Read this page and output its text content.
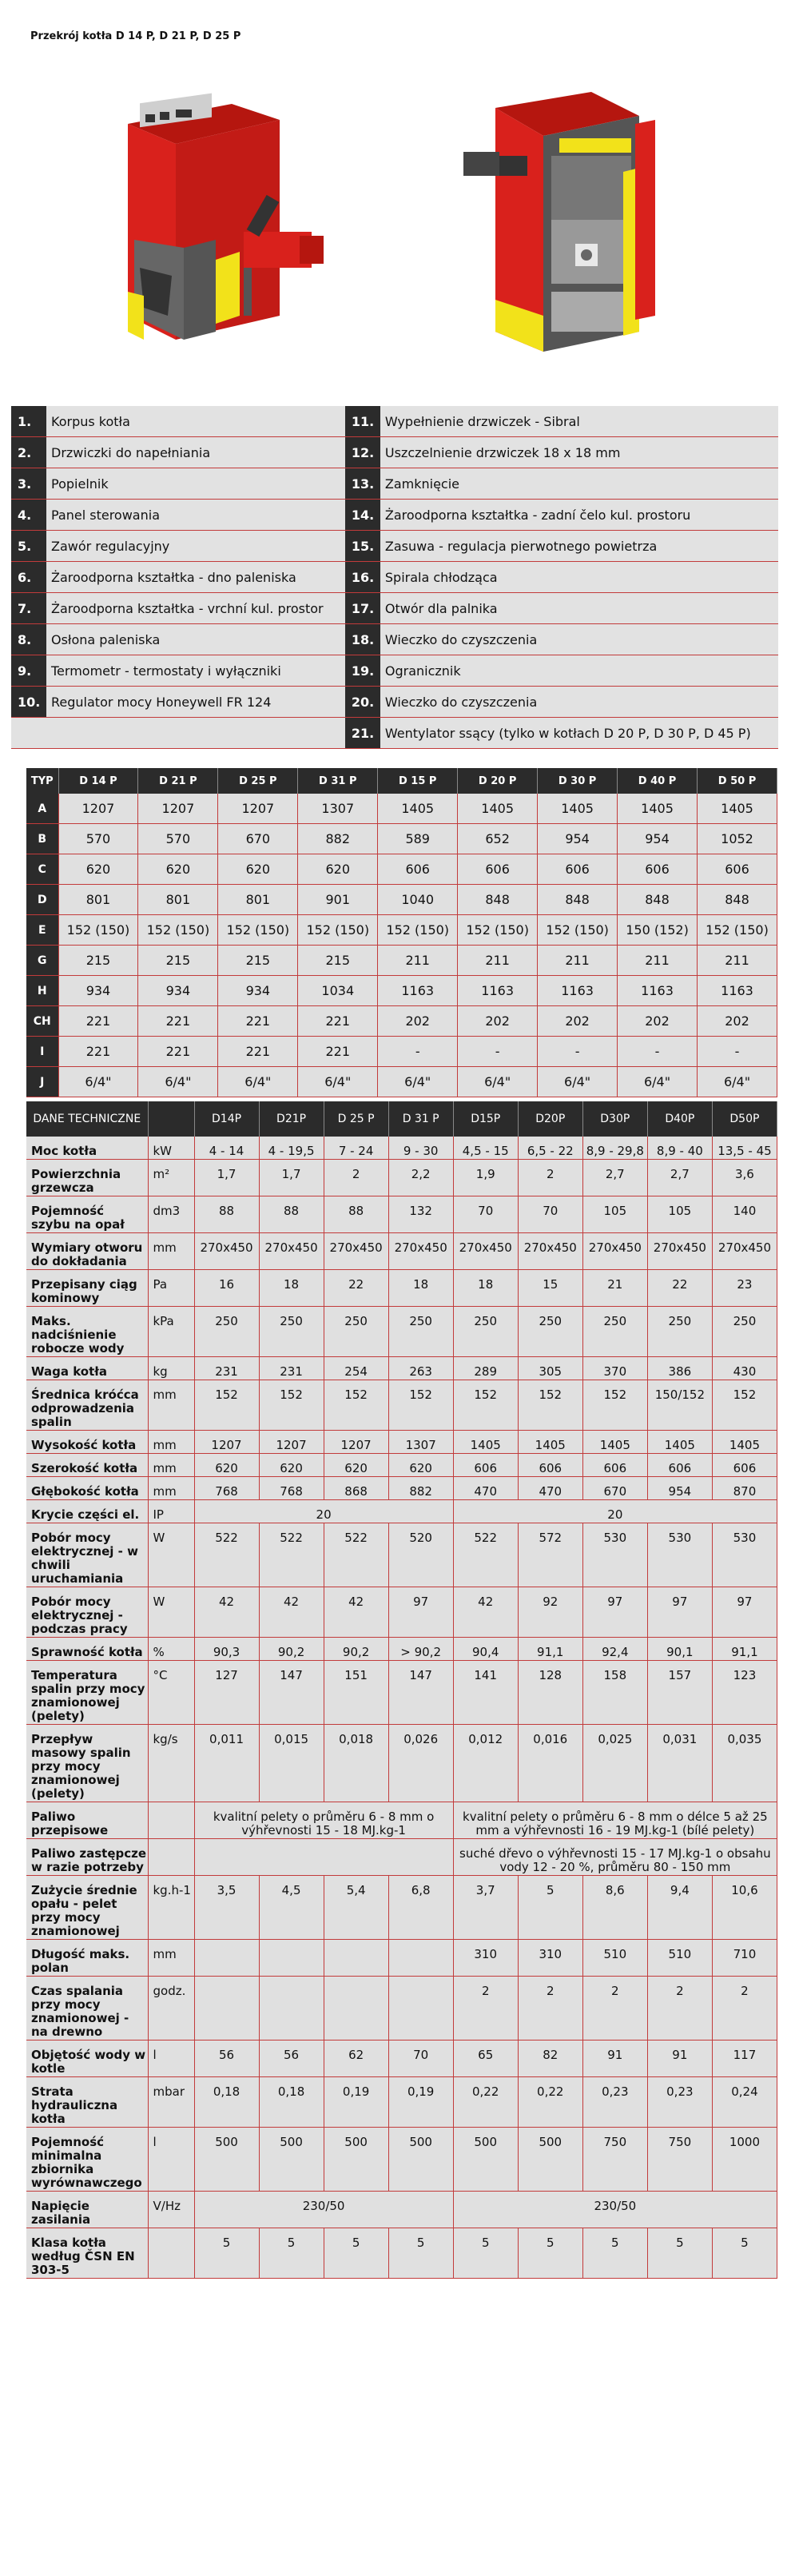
Przekrój kotła D 14 P, D 21 P, D 25 P
1.	Korpus kotła	11.	Wypełnienie drzwiczek - Sibral
2.	Drzwiczki do napełniania	12.	Uszczelnienie drzwiczek 18 x 18 mm
3.	Popielnik	13.	Zamknięcie
4.	Panel sterowania	14.	Żaroodporna kształtka - zadní čelo kul. prostoru
5.	Zawór regulacyjny	15.	Zasuwa - regulacja pierwotnego powietrza
6.	Żaroodporna kształtka - dno paleniska	16.	Spirala chłodząca
7.	Żaroodporna kształtka - vrchní kul. prostor	17.	Otwór dla palnika
8.	Osłona paleniska	18.	Wieczko do czyszczenia
9.	Termometr - termostaty i wyłączniki	19.	Ogranicznik
10.	Regulator mocy Honeywell FR 124	20.	Wieczko do czyszczenia
		21.	Wentylator ssący (tylko w kotłach D 20 P, D 30 P, D 45 P)
TYP	D 14 P	D 21 P	D 25 P	D 31 P	D 15 P	D 20 P	D 30 P	D 40 P	D 50 P
A	1207	1207	1207	1307	1405	1405	1405	1405	1405
B	570	570	670	882	589	652	954	954	1052
C	620	620	620	620	606	606	606	606	606
D	801	801	801	901	1040	848	848	848	848
E	152 (150)	152 (150)	152 (150)	152 (150)	152 (150)	152 (150)	152 (150)	150 (152)	152 (150)
G	215	215	215	215	211	211	211	211	211
H	934	934	934	1034	1163	1163	1163	1163	1163
CH	221	221	221	221	202	202	202	202	202
I	221	221	221	221	-	-	-	-	-
J	6/4"	6/4"	6/4"	6/4"	6/4"	6/4"	6/4"	6/4"	6/4"
DANE TECHNICZNE		D14P	D21P	D 25 P	D 31 P	D15P	D20P	D30P	D40P	D50P
Moc kotła	kW	4 - 14	4 - 19,5	7 - 24	9 - 30	4,5 - 15	6,5 - 22	8,9 - 29,8	8,9 - 40	13,5 - 45
Powierzchnia grzewcza	m²	1,7	1,7	2	2,2	1,9	2	2,7	2,7	3,6
Pojemność szybu na opał	dm3	88	88	88	132	70	70	105	105	140
Wymiary otworu do dokładania	mm	270x450	270x450	270x450	270x450	270x450	270x450	270x450	270x450	270x450
Przepisany ciąg kominowy	Pa	16	18	22	18	18	15	21	22	23
Maks. nadciśnienie robocze wody	kPa	250	250	250	250	250	250	250	250	250
Waga kotła	kg	231	231	254	263	289	305	370	386	430
Średnica króćca odprowadzenia spalin	mm	152	152	152	152	152	152	152	150/152	152
Wysokość kotła	mm	1207	1207	1207	1307	1405	1405	1405	1405	1405
Szerokość kotła	mm	620	620	620	620	606	606	606	606	606
Głębokość kotła	mm	768	768	868	882	470	470	670	954	870
Krycie części el.	IP	20				20				
Pobór mocy elektrycznej - w chwili uruchamiania	W	522	522	522	520	522	572	530	530	530
Pobór mocy elektrycznej - podczas pracy	W	42	42	42	97	42	92	97	97	97
Sprawność kotła	%	90,3	90,2	90,2	> 90,2	90,4	91,1	92,4	90,1	91,1
Temperatura spalin przy mocy znamionowej (pelety)	°C	127	147	151	147	141	128	158	157	123
Przepływ masowy spalin przy mocy znamionowej (pelety)	kg/s	0,011	0,015	0,018	0,026	0,012	0,016	0,025	0,031	0,035
Paliwo przepisowe		kvalitní pelety o průměru 6 - 8 mm o výhřevnosti 15 - 18 MJ.kg-1				kvalitní pelety o průměru 6 - 8 mm o délce 5 až 25 mm a výhřevnosti 16 - 19 MJ.kg-1 (bílé pelety)				
Paliwo zastępcze w razie potrzeby						suché dřevo o výhřevnosti 15 - 17 MJ.kg-1 o obsahu vody 12 - 20 %, průměru 80 - 150 mm				
Zużycie średnie opału - pelet przy mocy znamionowej	kg.h-1	3,5	4,5	5,4	6,8	3,7	5	8,6	9,4	10,6
Długość maks. polan	mm					310	310	510	510	710
Czas spalania przy mocy znamionowej - na drewno	godz.					2	2	2	2	2
Objętość wody w kotle	l	56	56	62	70	65	82	91	91	117
Strata hydrauliczna kotła	mbar	0,18	0,18	0,19	0,19	0,22	0,22	0,23	0,23	0,24
Pojemność minimalna zbiornika wyrównawczego	l	500	500	500	500	500	500	750	750	1000
Napięcie zasilania	V/Hz	230/50				230/50				
Klasa kotła według ČSN EN 303-5		5	5	5	5	5	5	5	5	5
